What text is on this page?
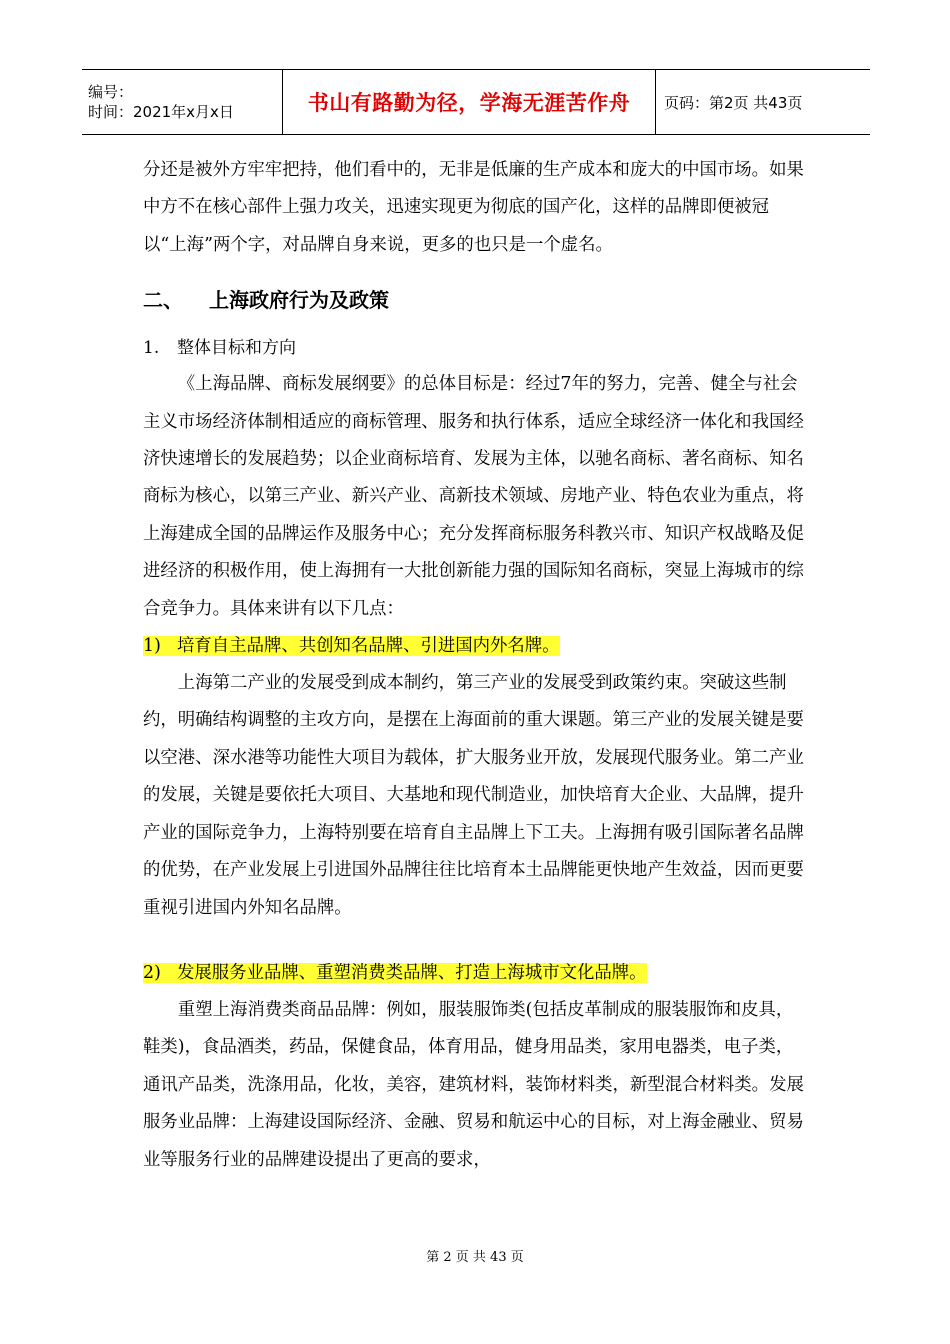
编号：
时间：2021年x月x日	书山有路勤为径，学海无涯苦作舟 页码：第2页 共43页

分还是被外方牢牢把持，他们看中的，无非是低廉的生产成本和庞大的中国市场。如果中方不在核心部件上强力攻关，迅速实现更为彻底的国产化，这样的品牌即便被冠以“上海”两个字，对品牌自身来说，更多的也只是一个虚名。

二、 上海政府行为及政策
1. 整体目标和方向

《上海品牌、商标发展纲要》的总体目标是：经过7年的努力，完善、健全与社会主义市场经济体制相适应的商标管理、服务和执行体系，适应全球经济一体化和我国经济快速增长的发展趋势；以企业商标培育、发展为主体，以驰名商标、著名商标、知名商标为核心，以第三产业、新兴产业、高新技术领域、房地产业、特色农业为重点，将上海建成全国的品牌运作及服务中心；充分发挥商标服务科教兴市、知识产权战略及促进经济的积极作用，使上海拥有一大批创新能力强的国际知名商标，突显上海城市的综合竞争力。具体来讲有以下几点：

1) 培育自主品牌、共创知名品牌、引进国内外名牌。

上海第二产业的发展受到成本制约，第三产业的发展受到政策约束。突破这些制约，明确结构调整的主攻方向，是摆在上海面前的重大课题。第三产业的发展关键是要以空港、深水港等功能性大项目为载体，扩大服务业开放，发展现代服务业。第二产业的发展，关键是要依托大项目、大基地和现代制造业，加快培育大企业、大品牌，提升产业的国际竞争力，上海特别要在培育自主品牌上下工夫。上海拥有吸引国际著名品牌的优势，在产业发展上引进国外品牌往往比培育本土品牌能更快地产生效益，因而更要重视引进国内外知名品牌。

2) 发展服务业品牌、重塑消费类品牌、打造上海城市文化品牌。

重塑上海消费类商品品牌：例如，服装服饰类(包括皮革制成的服装服饰和皮具，鞋类)，食品酒类，药品，保健食品，体育用品，健身用品类，家用电器类，电子类，通讯产品类，洗涤用品，化妆，美容，建筑材料，装饰材料类，新型混合材料类。发展服务业品牌：上海建设国际经济、金融、贸易和航运中心的目标，对上海金融业、贸易业等服务行业的品牌建设提出了更高的要求，

第 2 页 共 43 页
